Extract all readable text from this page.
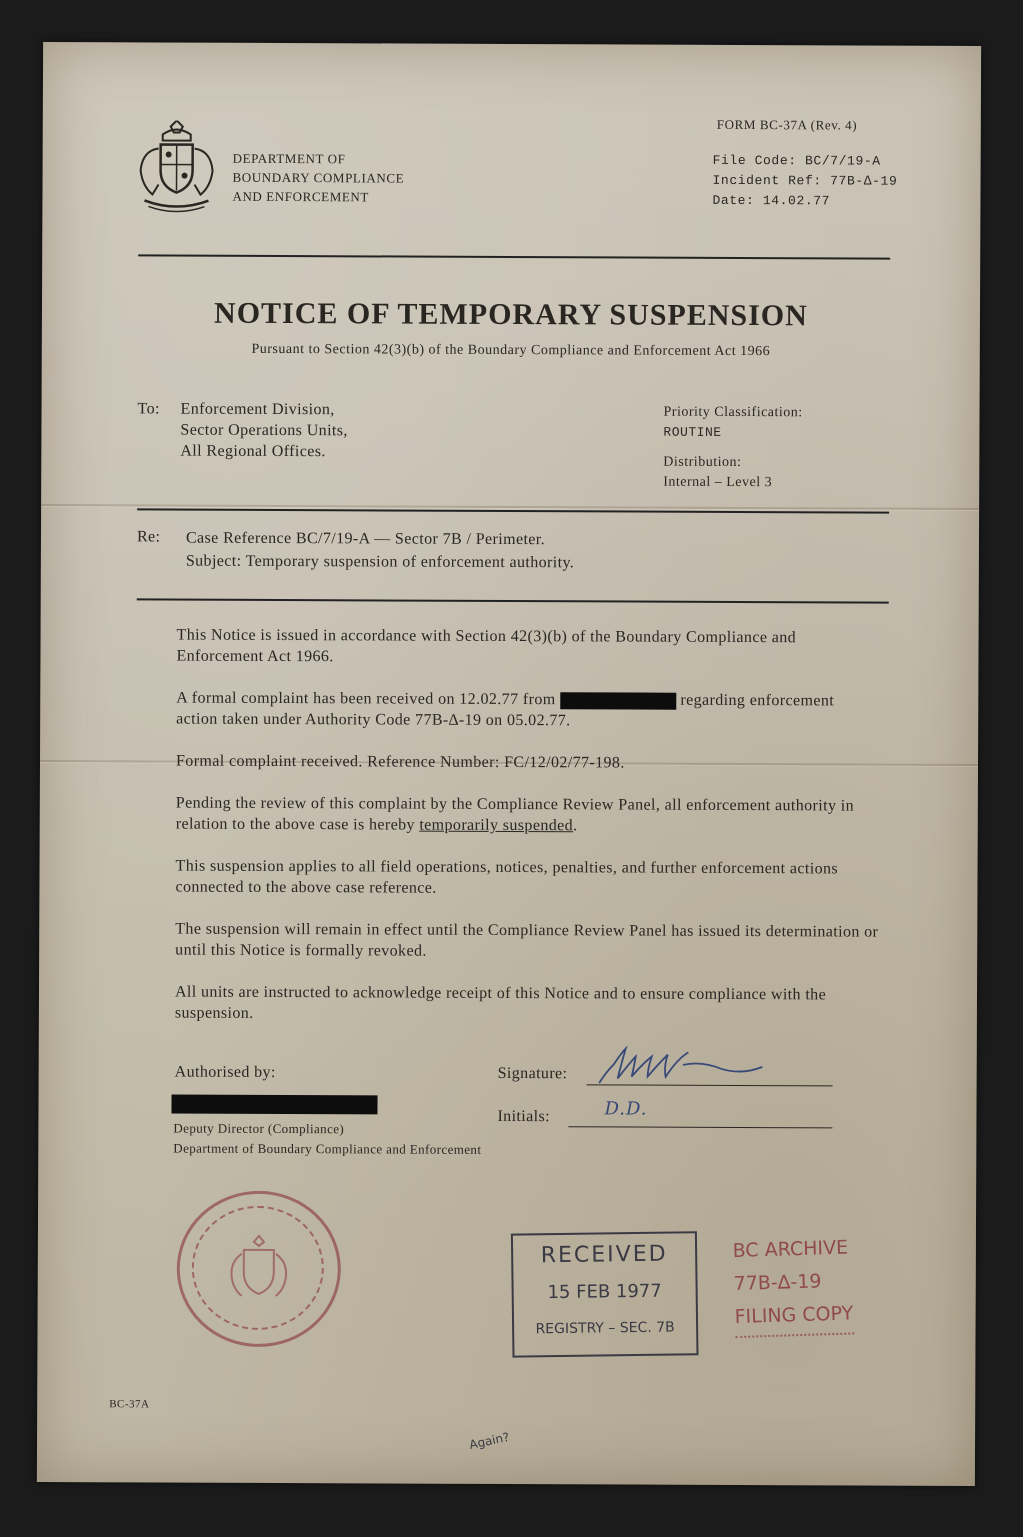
DEPARTMENT OF
BOUNDARY COMPLIANCE
AND ENFORCEMENT
FORM BC-37A (Rev. 4)
File Code: BC/7/19-A
Incident Ref: 77B-∆-19
Date: 14.02.77
NOTICE OF TEMPORARY SUSPENSION
Pursuant to Section 42(3)(b) of the Boundary Compliance and Enforcement Act 1966
To: Enforcement Division,
Sector Operations Units,
All Regional Offices.
Priority Classification:
ROUTINE
Distribution:
Internal – Level 3
Re: Case Reference BC/7/19-A — Sector 7B / Perimeter.
Subject: Temporary suspension of enforcement authority.
This Notice is issued in accordance with Section 42(3)(b) of the Boundary Compliance and Enforcement Act 1966.
A formal complaint has been received on 12.02.77 from	regarding enforcement action taken under Authority Code 77B-∆-19 on 05.02.77.
Formal complaint received. Reference Number: FC/12/02/77-198.
Pending the review of this complaint by the Compliance Review Panel, all enforcement authority in relation to the above case is hereby temporarily suspended.
This suspension applies to all field operations, notices, penalties, and further enforcement actions connected to the above case reference.
The suspension will remain in effect until the Compliance Review Panel has issued its determination or until this Notice is formally revoked.
All units are instructed to acknowledge receipt of this Notice and to ensure compliance with the suspension.
Authorised by:
Deputy Director (Compliance)
Department of Boundary Compliance and Enforcement
Signature:
Initials:	D.D.
RECEIVED
15 FEB 1977
REGISTRY – SEC. 7B
BC ARCHIVE
77B-∆-19
FILING COPY
BC-37A
Again?
